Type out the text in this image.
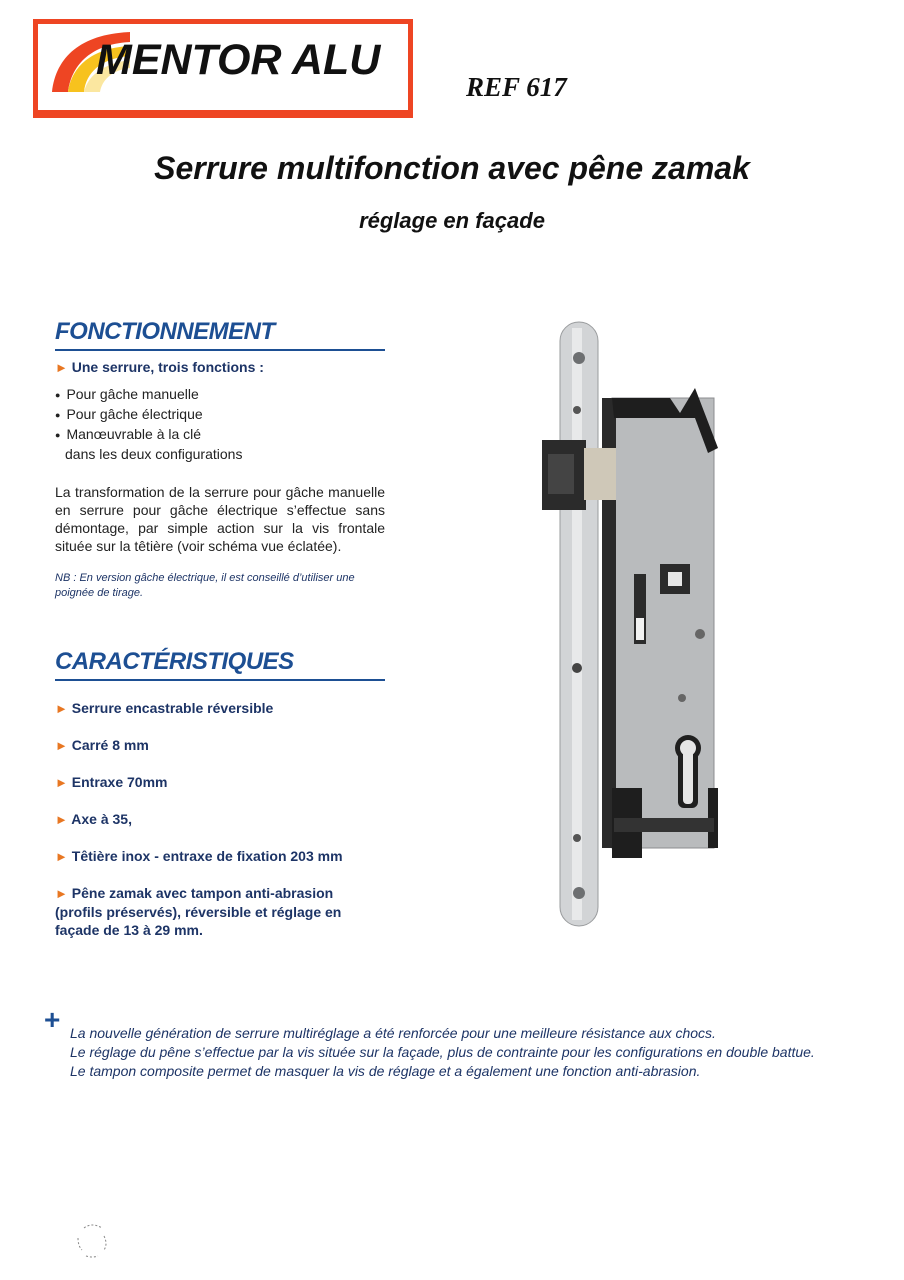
MENTOR ALU
www.mentor-alu.fr	04 94 61 38 38
REF 617
Serrure multifonction avec pêne zamak
réglage en façade
FONCTIONNEMENT
► Une serrure, trois fonctions :
● Pour gâche manuelle
● Pour gâche électrique
● Manœuvrable à la clé
dans les deux configurations
La transformation de la serrure pour gâche manuelle en serrure pour gâche électrique s’effectue sans démontage, par simple action sur la vis frontale située sur la têtière (voir schéma vue éclatée).
NB : En version gâche électrique, il est conseillé d’utiliser une poignée de tirage.
CARACTÉRISTIQUES
► Serrure encastrable réversible
► Carré 8 mm
► Entraxe 70mm
► Axe à 35,
► Têtière inox - entraxe de fixation 203 mm
► Pêne zamak avec tampon anti-abrasion (profils préservés), réversible et réglage en façade de 13 à 29 mm.
+ La nouvelle génération de serrure multiréglage a été renforcée pour une meilleure résistance aux chocs.
Le réglage du pêne s’effectue par la vis située sur la façade, plus de contrainte pour les configurations en double battue.
Le tampon composite permet de masquer la vis de réglage et a également une fonction anti-abrasion.
